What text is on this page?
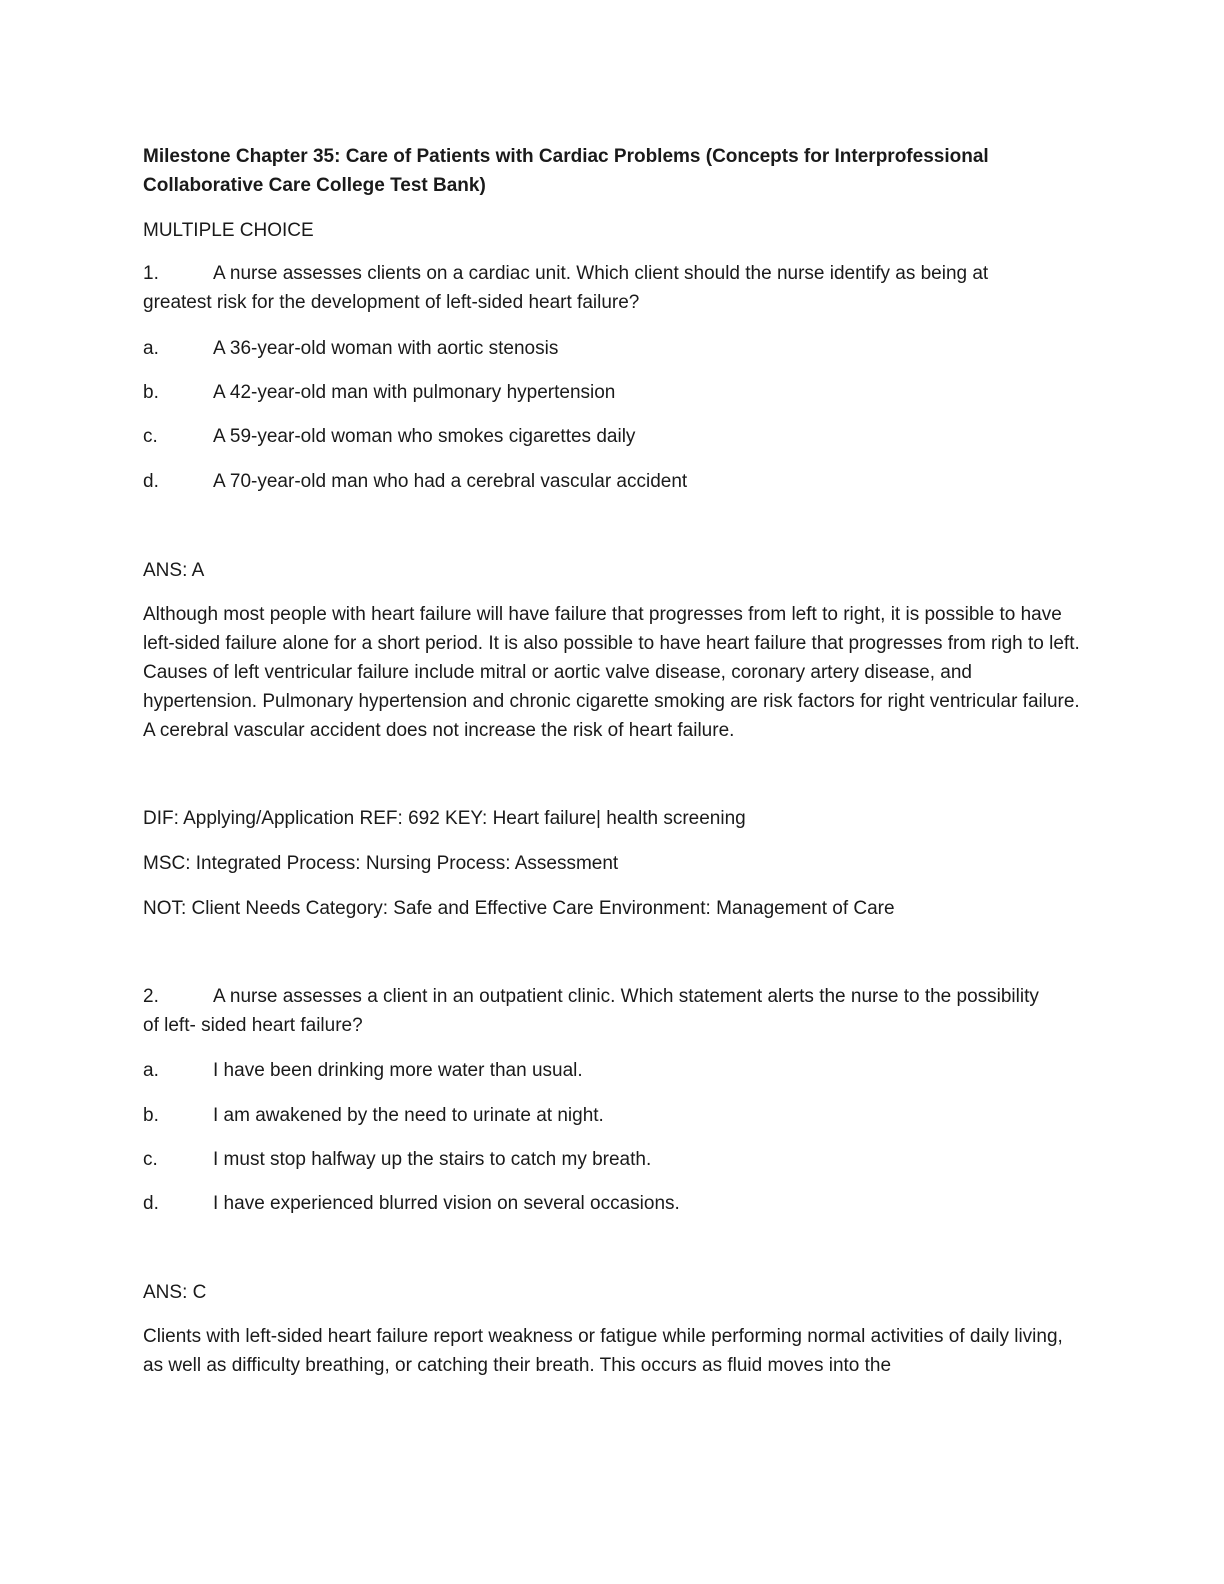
Milestone Chapter 35: Care of Patients with Cardiac Problems (Concepts for Interprofessional Collaborative Care College Test Bank)
MULTIPLE CHOICE
1.	A nurse assesses clients on a cardiac unit. Which client should the nurse identify as being at greatest risk for the development of left-sided heart failure?
a.	A 36-year-old woman with aortic stenosis
b.	A 42-year-old man with pulmonary hypertension
c.	A 59-year-old woman who smokes cigarettes daily
d.	A 70-year-old man who had a cerebral vascular accident
ANS: A
Although most people with heart failure will have failure that progresses from left to right, it is possible to have left-sided failure alone for a short period. It is also possible to have heart failure that progresses from righ to left. Causes of left ventricular failure include mitral or aortic valve disease, coronary artery disease, and hypertension. Pulmonary hypertension and chronic cigarette smoking are risk factors for right ventricular failure. A cerebral vascular accident does not increase the risk of heart failure.
DIF: Applying/Application REF: 692 KEY: Heart failure| health screening
MSC: Integrated Process: Nursing Process: Assessment
NOT: Client Needs Category: Safe and Effective Care Environment: Management of Care
2.	A nurse assesses a client in an outpatient clinic. Which statement alerts the nurse to the possibility of left- sided heart failure?
a.	I have been drinking more water than usual.
b.	I am awakened by the need to urinate at night.
c.	I must stop halfway up the stairs to catch my breath.
d.	I have experienced blurred vision on several occasions.
ANS: C
Clients with left-sided heart failure report weakness or fatigue while performing normal activities of daily living, as well as difficulty breathing, or catching their breath. This occurs as fluid moves into the
